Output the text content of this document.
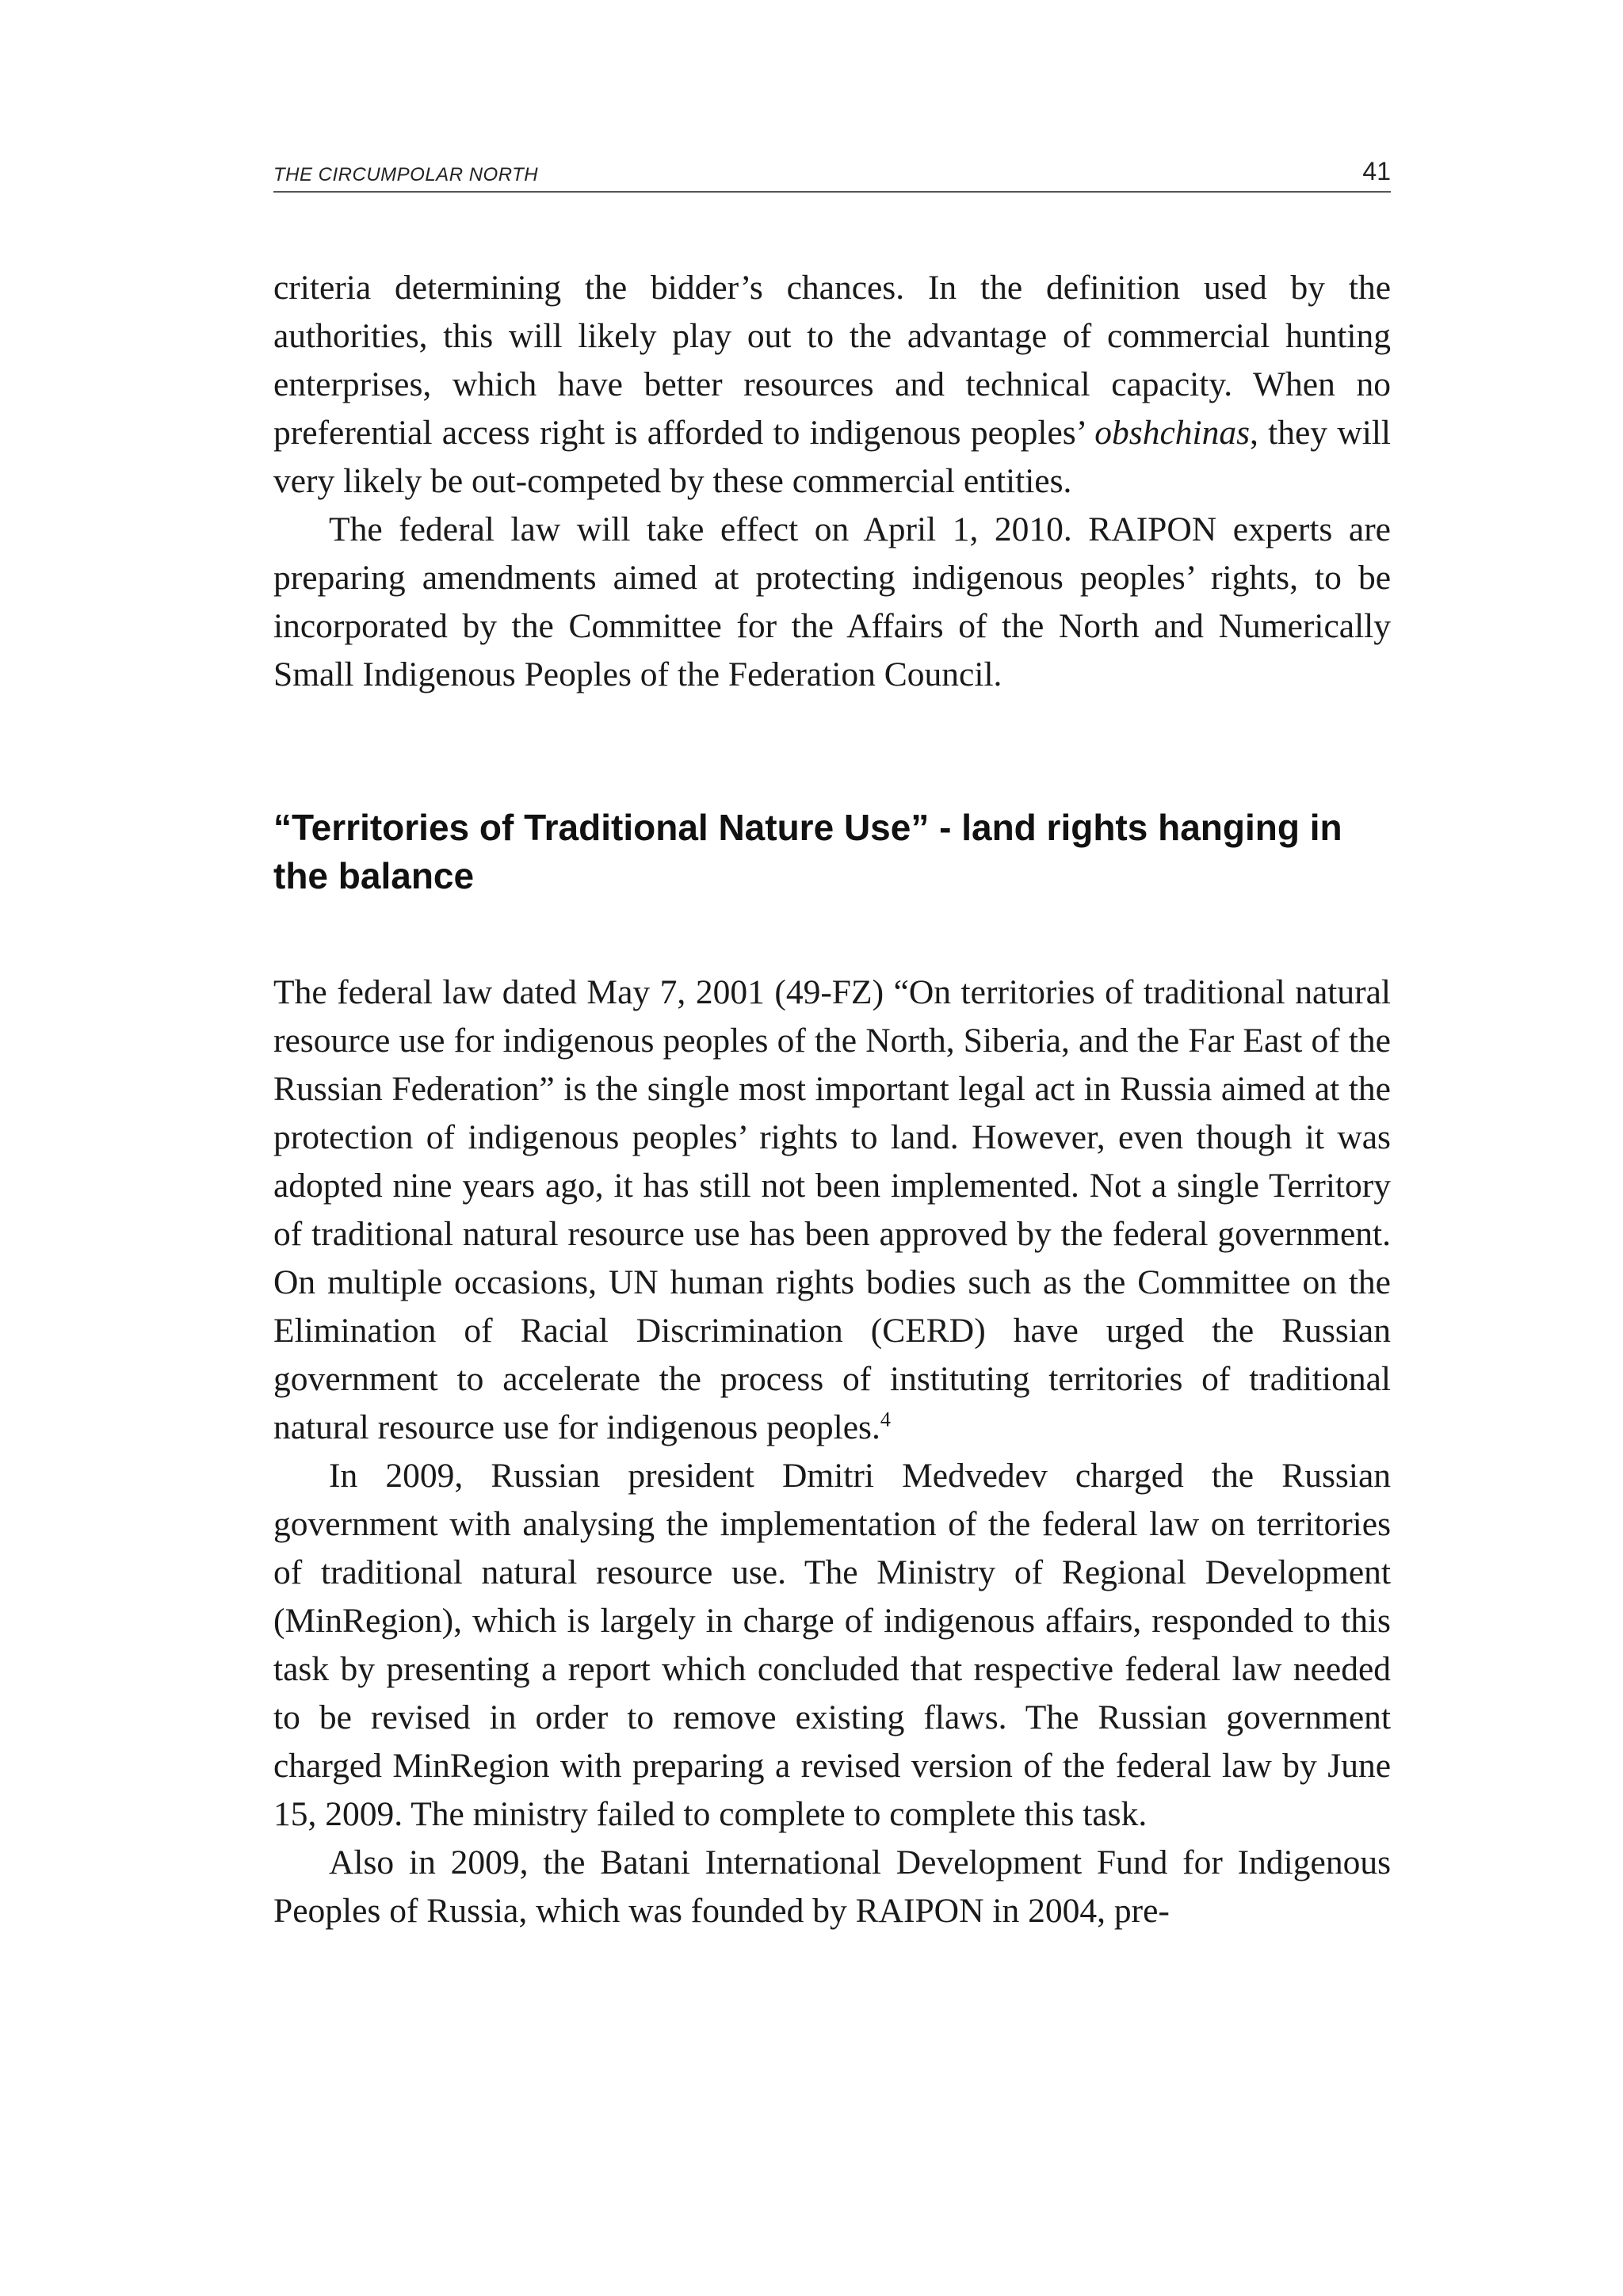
THE CIRCUMPOLAR NORTH	41

criteria determining the bidder’s chances. In the definition used by the authorities, this will likely play out to the advantage of commercial hunting enterprises, which have better resources and technical capacity. When no preferential access right is afforded to indigenous peoples’ obshchinas, they will very likely be out-competed by these commercial entities.

The federal law will take effect on April 1, 2010. RAIPON experts are preparing amendments aimed at protecting indigenous peoples’ rights, to be incorporated by the Committee for the Affairs of the North and Numerically Small Indigenous Peoples of the Federation Council.

“Territories of Traditional Nature Use” - land rights hanging in the balance

The federal law dated May 7, 2001 (49-FZ) “On territories of traditional natural resource use for indigenous peoples of the North, Siberia, and the Far East of the Russian Federation” is the single most important legal act in Russia aimed at the protection of indigenous peoples’ rights to land. However, even though it was adopted nine years ago, it has still not been implemented. Not a single Territory of traditional natural resource use has been approved by the federal government. On multiple occasions, UN human rights bodies such as the Committee on the Elimination of Racial Discrimination (CERD) have urged the Russian government to accelerate the process of instituting territories of traditional natural resource use for indigenous peoples.$^4$

In 2009, Russian president Dmitri Medvedev charged the Russian government with analysing the implementation of the federal law on territories of traditional natural resource use. The Ministry of Regional Development (MinRegion), which is largely in charge of indigenous affairs, responded to this task by presenting a report which concluded that respective federal law needed to be revised in order to remove existing flaws. The Russian government charged MinRegion with preparing a revised version of the federal law by June 15, 2009. The ministry failed to complete to complete this task.

Also in 2009, the Batani International Development Fund for Indigenous Peoples of Russia, which was founded by RAIPON in 2004, pre-
